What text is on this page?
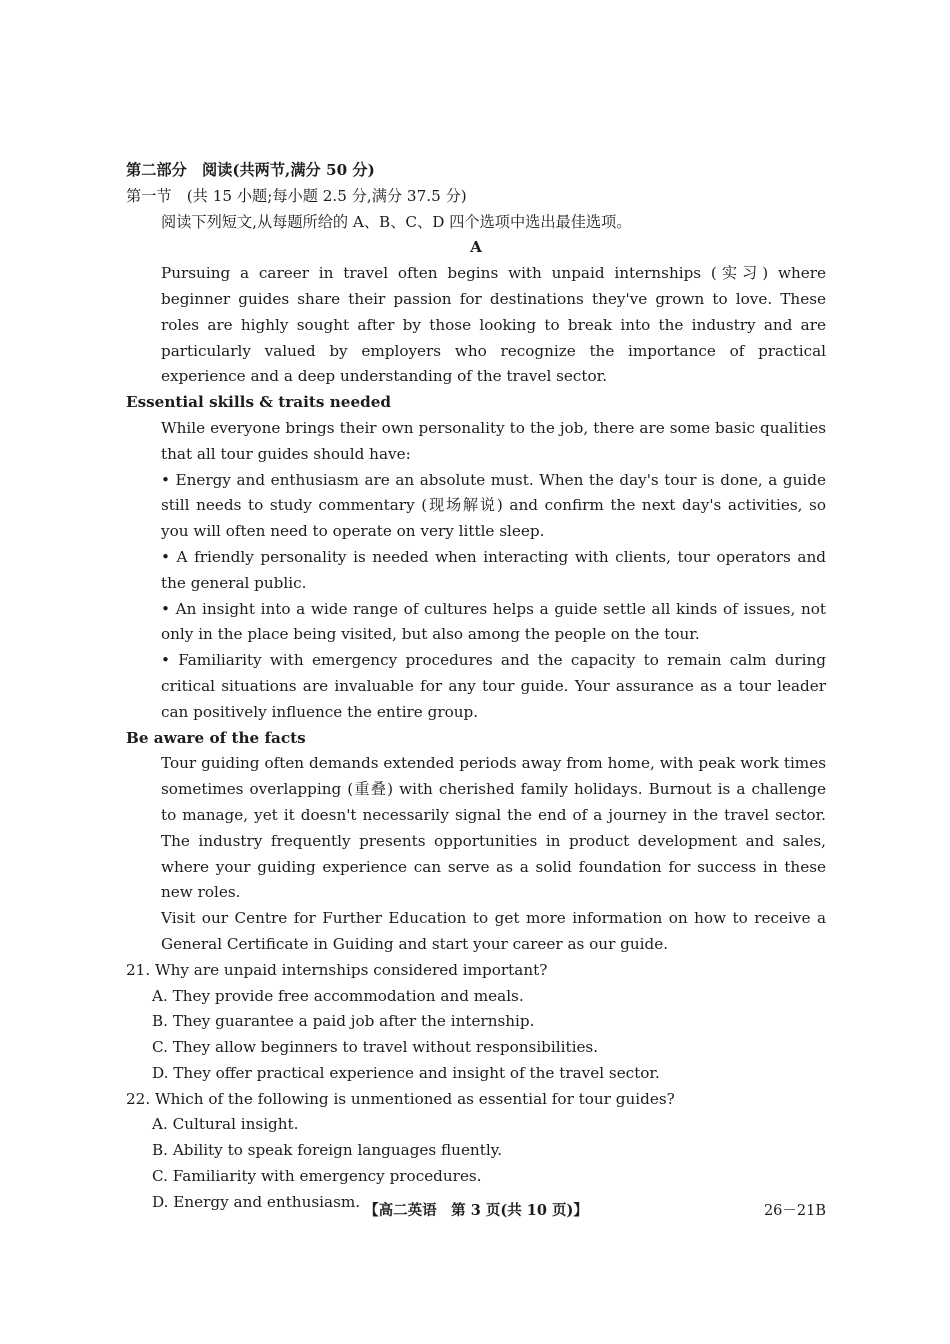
第二部分　阅读(共两节,满分 50 分)
第一节　(共 15 小题;每小题 2.5 分,满分 37.5 分)
阅读下列短文,从每题所给的 A、B、C、D 四个选项中选出最佳选项。
A
Pursuing a career in travel often begins with unpaid internships (实习) where beginner guides share their passion for destinations they've grown to love. These roles are highly sought after by those looking to break into the industry and are particularly valued by employers who recognize the importance of practical experience and a deep understanding of the travel sector.
Essential skills & traits needed
While everyone brings their own personality to the job, there are some basic qualities that all tour guides should have:
• Energy and enthusiasm are an absolute must. When the day's tour is done, a guide still needs to study commentary (现场解说) and confirm the next day's activities, so you will often need to operate on very little sleep.
• A friendly personality is needed when interacting with clients, tour operators and the general public.
• An insight into a wide range of cultures helps a guide settle all kinds of issues, not only in the place being visited, but also among the people on the tour.
• Familiarity with emergency procedures and the capacity to remain calm during critical situations are invaluable for any tour guide. Your assurance as a tour leader can positively influence the entire group.
Be aware of the facts
Tour guiding often demands extended periods away from home, with peak work times sometimes overlapping (重叠) with cherished family holidays. Burnout is a challenge to manage, yet it doesn't necessarily signal the end of a journey in the travel sector. The industry frequently presents opportunities in product development and sales, where your guiding experience can serve as a solid foundation for success in these new roles.
Visit our Centre for Further Education to get more information on how to receive a General Certificate in Guiding and start your career as our guide.
21. Why are unpaid internships considered important?
A. They provide free accommodation and meals.
B. They guarantee a paid job after the internship.
C. They allow beginners to travel without responsibilities.
D. They offer practical experience and insight of the travel sector.
22. Which of the following is unmentioned as essential for tour guides?
A. Cultural insight.
B. Ability to speak foreign languages fluently.
C. Familiarity with emergency procedures.
D. Energy and enthusiasm. 【高二英语　第 3 页(共 10 页)】	26－21B
